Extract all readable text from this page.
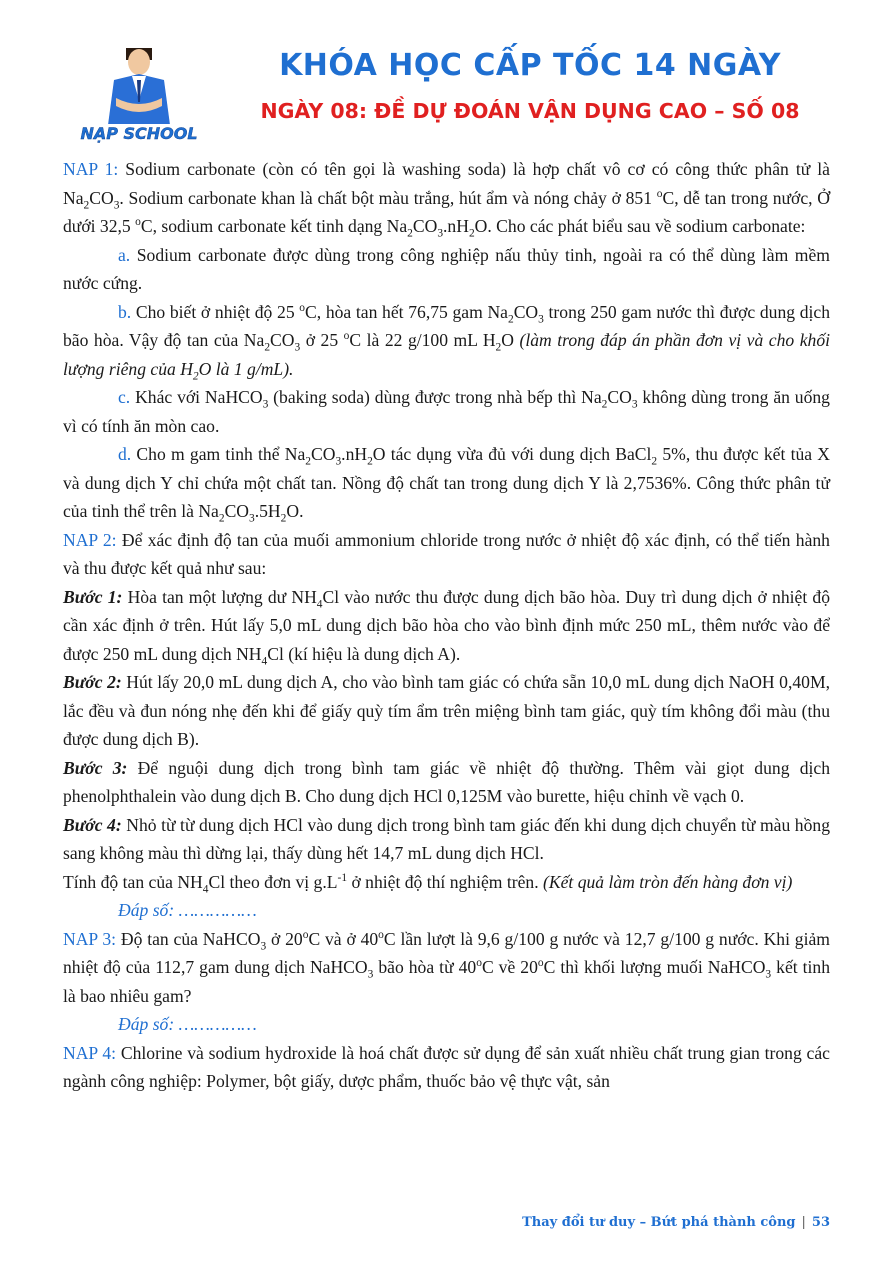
NẠP SCHOOL
KHÓA HỌC CẤP TỐC 14 NGÀY
NGÀY 08: ĐỀ DỰ ĐOÁN VẬN DỤNG CAO – SỐ 08

NAP 1: Sodium carbonate (còn có tên gọi là washing soda) là hợp chất vô cơ có công thức phân tử là $Na_2CO_3$. Sodium carbonate khan là chất bột màu trắng, hút ẩm và nóng chảy ở 851 $^o$C, dễ tan trong nước, Ở dưới 32,5 $^o$C, sodium carbonate kết tinh dạng $Na_2CO_3.nH_2O$. Cho các phát biểu sau về sodium carbonate:

a. Sodium carbonate được dùng trong công nghiệp nấu thủy tinh, ngoài ra có thể dùng làm mềm nước cứng.

b. Cho biết ở nhiệt độ 25 $^o$C, hòa tan hết 76,75 gam $Na_2CO_3$ trong 250 gam nước thì được dung dịch bão hòa. Vậy độ tan của $Na_2CO_3$ ở 25 $^o$C là 22 g/100 mL $H_2O$ (làm trong đáp án phần đơn vị và cho khối lượng riêng của $H_2O$ là 1 g/mL).

c. Khác với NaHCO$_3$ (baking soda) dùng được trong nhà bếp thì $Na_2CO_3$ không dùng trong ăn uống vì có tính ăn mòn cao.

d. Cho m gam tinh thể $Na_2CO_3.nH_2O$ tác dụng vừa đủ với dung dịch BaCl$_2$ 5%, thu được kết tủa X và dung dịch Y chỉ chứa một chất tan. Nồng độ chất tan trong dung dịch Y là 2,7536%. Công thức phân tử của tinh thể trên là $Na_2CO_3.5H_2O$.

NAP 2: Để xác định độ tan của muối ammonium chloride trong nước ở nhiệt độ xác định, có thể tiến hành và thu được kết quả như sau:

Bước 1: Hòa tan một lượng dư $NH_4Cl$ vào nước thu được dung dịch bão hòa. Duy trì dung dịch ở nhiệt độ cần xác định ở trên. Hút lấy 5,0 mL dung dịch bão hòa cho vào bình định mức 250 mL, thêm nước vào để được 250 mL dung dịch $NH_4Cl$ (kí hiệu là dung dịch A).

Bước 2: Hút lấy 20,0 mL dung dịch A, cho vào bình tam giác có chứa sẵn 10,0 mL dung dịch NaOH 0,40M, lắc đều và đun nóng nhẹ đến khi để giấy quỳ tím ẩm trên miệng bình tam giác, quỳ tím không đổi màu (thu được dung dịch B).

Bước 3: Để nguội dung dịch trong bình tam giác về nhiệt độ thường. Thêm vài giọt dung dịch phenolphthalein vào dung dịch B. Cho dung dịch HCl 0,125M vào burette, hiệu chỉnh về vạch 0.

Bước 4: Nhỏ từ từ dung dịch HCl vào dung dịch trong bình tam giác đến khi dung dịch chuyển từ màu hồng sang không màu thì dừng lại, thấy dùng hết 14,7 mL dung dịch HCl.

Tính độ tan của $NH_4Cl$ theo đơn vị $g.L^{-1}$ ở nhiệt độ thí nghiệm trên. (Kết quả làm tròn đến hàng đơn vị)

Đáp số: ……………

NAP 3: Độ tan của NaHCO$_3$ ở 20$^o$C và ở 40$^o$C lần lượt là 9,6 g/100 g nước và 12,7 g/100 g nước. Khi giảm nhiệt độ của 112,7 gam dung dịch NaHCO$_3$ bão hòa từ 40$^o$C về 20$^o$C thì khối lượng muối NaHCO$_3$ kết tinh là bao nhiêu gam?

Đáp số: ……………

NAP 4: Chlorine và sodium hydroxide là hoá chất được sử dụng để sản xuất nhiều chất trung gian trong các ngành công nghiệp: Polymer, bột giấy, dược phẩm, thuốc bảo vệ thực vật, sản

Thay đổi tư duy – Bứt phá thành công | 53
